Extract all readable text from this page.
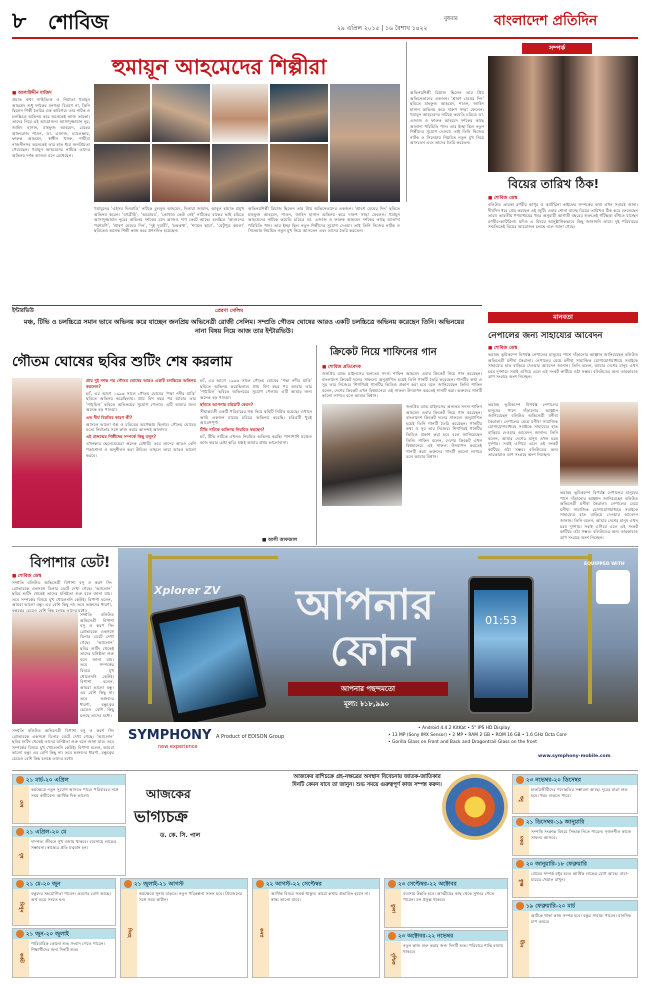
৮ শোবিজ	২৯ এপ্রিল ২০১৫ | ১৬ বৈশাখ ১৪২২
বুধবার	বাংলাদেশ প্রতিদিন
হুমায়ূন আহমেদের শিল্পীরা
■ আলাউদ্দীন মাজিদ
প্রয়াত কথা সাহিত্যিক ও নির্মাতা হুমায়ূন আহমেদ শুধু দর্শকের মনগড়া চিত্রণে না, তিনি ছিলেন শিল্পী তৈরির এক কারিগর। তার নাটক ও চলচ্চিত্রে অভিনয় করে অনেকেই আজ তারকা। তাদের নিয়ে এই আয়োজন। আসাদুজ্জামান নূর, জাহিদ হাসান, মাহফুজ আহমেদ, মেহের আফরোজ শাওন, ডা. এজাজ, চ্যালেঞ্জার, ফারুক আহমেদ, স্বাধীন খসরু, শামীমা নাজনীনসহ অনেকেই তার হাত ধরে জনপ্রিয়তা পেয়েছেন। হুমায়ূন আহমেদের নাটকে তাদের অভিনয় দর্শক আজও মনে রেখেছেন।
হুমায়ূনের ‘এইসব দিনরাত্রি’ নাটকে বুলবুল আহমেদ, দিলারা জামান, আবুল হায়াত প্রমুখ অভিনয় করেন। ‘বহুব্রীহি’, ‘অয়োময়’, ‘কোথাও কেউ নেই’ নাটকের বাকের ভাই চরিত্রে আসাদুজ্জামান নূরের অভিনয় দর্শকের মনে আজও দাগ কেটে আছে। চলচ্চিত্র ‘আগুনের পরশমণি’, ‘শ্রাবণ মেঘের দিন’, ‘দুই দুয়ারী’, ‘চন্দ্রকথা’, ‘শ্যামল ছায়া’, ‘ঘেটুপুত্র কমলা’ ছবিতেও অনেক শিল্পী কাজ করে প্রশংসিত হয়েছেন।
অভিনয়শিল্পী রিয়াজ ছিলেন তার প্রিয় অভিনেতাদের একজন। ‘শ্রাবণ মেঘের দিন’ ছবিতে মাহফুজ আহমেদ, শাওন, জাহিদ হাসান অভিনয় করে দারুণ সাড়া ফেলেন। হুমায়ূন আহমেদের নাটকে কমেডি চরিত্রে ডা. এজাজ ও ফারুক আহমেদ দর্শকের কাছে আলাদা পরিচিতি পান। তার ইচ্ছা ছিল নতুন শিল্পীদের সুযোগ দেওয়া। তাই তিনি নিজের নাটক ও সিনেমায় নিয়মিত নতুন মুখ নিয়ে আসতেন এবং তাদের তৈরি করতেন।
অভিনয়শিল্পী রিয়াজ ছিলেন তার প্রিয় অভিনেতাদের একজন। ‘শ্রাবণ মেঘের দিন’ ছবিতে মাহফুজ আহমেদ, শাওন, জাহিদ হাসান অভিনয় করে দারুণ সাড়া ফেলেন। হুমায়ূন আহমেদের নাটকে কমেডি চরিত্রে ডা. এজাজ ও ফারুক আহমেদ দর্শকের কাছে আলাদা পরিচিতি পান। তার ইচ্ছা ছিল নতুন শিল্পীদের সুযোগ দেওয়া। তাই তিনি নিজের নাটক ও সিনেমায় নিয়মিত নতুন মুখ নিয়ে আসতেন এবং তাদের তৈরি করতেন।
সম্পর্ক
বিয়ের তারিখ ঠিক!
■ শোবিজ ডেস্ক
বলিউড তারকা রণবীর কাপুর ও ক্যাটরিনা কাইফের সম্পর্কের কথা এখন সবারই জানা। দীর্ঘদিন ধরে প্রেম করছেন এই জুটি। এবার শোনা যাচ্ছে বিয়ের তারিখও ঠিক করে ফেলেছেন তারা। ভারতীয় গণমাধ্যমের খবর অনুযায়ী আগামী বছরের শুরুতেই গাঁটছড়া বাঁধতে যাচ্ছেন রণবীর-ক্যাটরিনা। যদিও এ বিষয়ে আনুষ্ঠানিকভাবে কিছু জানাননি তারা। দুই পরিবারের সম্মতিতেই বিয়ের আয়োজন চলছে বলে জানা গেছে।
ইন্টারভিউ	প্রেরণা সেলিম
মঞ্চ, টিভি ও চলচ্চিত্রে সমান ভাবে অভিনয় করে যাচ্ছেন জনপ্রিয় অভিনেত্রী রোজী সেলিম। সম্প্রতি গৌতম ঘোষের আরও একটি চলচ্চিত্রে অভিনয় করেছেন তিনি। অভিনয়ের নানা বিষয় নিয়ে আজ তার ইন্টারভিউ।
গৌতম ঘোষের ছবির শুটিং শেষ করলাম

প্রায় দুই দশক পর গৌতম ঘোষের আরও একটি চলচ্চিত্রে অভিনয় করলেন?

হ্যাঁ, এর আগে ১৯৯৬ সালে গৌতম ঘোষের ‘পদ্মা নদীর মাঝি’ ছবিতে অভিনয় করেছিলাম। প্রায় বিশ বছর পর আবার তার ‘শঙ্খচিল’ ছবিতে অভিনয়ের সুযোগ পেলাম। এটি আমার জন্য অনেক বড় পাওয়া।

এত দীর্ঘ বিরতির কারণ কী?

আসলে ভালো গল্প ও চরিত্রের অপেক্ষায় ছিলাম। গৌতম ঘোষের মতো নির্মাতার সঙ্গে কাজ করার আনন্দই আলাদা।

এই প্রজন্মের শিল্পীদের সম্পর্কে কিছু বলুন?

এখনকার ছেলেমেয়েরা অনেক মেধাবী। তবে তাদের আরও বেশি পড়াশোনা ও অনুশীলন করা উচিত। তাহলে তারা আরও ভালো করবে।

হ্যাঁ, এর আগে ১৯৯৬ সালে গৌতম ঘোষের ‘পদ্মা নদীর মাঝি’ ছবিতে অভিনয় করেছিলাম। প্রায় বিশ বছর পর আবার তার ‘শঙ্খচিল’ ছবিতে অভিনয়ের সুযোগ পেলাম। এটি আমার জন্য অনেক বড় পাওয়া।

ছবিতে আপনার চরিত্রটি কেমন?

সীমান্তবর্তী একটি পরিবারের গল্প নিয়ে ছবিটি নির্মিত হয়েছে। এখানে আমি একজন মায়ের চরিত্রে অভিনয় করেছি। চরিত্রটি খুবই আবেগপূর্ণ।

টিভি নাটকে অভিনয় নিয়মিত করছেন?

হ্যাঁ, টিভি নাটকে এখনও নিয়মিত অভিনয় করছি। পাশাপাশি মঞ্চেও কাজ করার চেষ্টা করি। মঞ্চই আমার প্রথম ভালোবাসা।

■ আলী আফজাল
ক্রিকেট নিয়ে শাফিনের গান
■ শোবিজ প্রতিবেদক
জনপ্রিয় ব্যান্ড মাইলসের অন্যতম সদস্য শাফিন আহমেদ এবার ক্রিকেট নিয়ে গান করেছেন। বাংলাদেশ ক্রিকেট দলের সাফল্যে অনুপ্রাণিত হয়েই তিনি গানটি তৈরি করেছেন। গানটির কথা ও সুর তার নিজের। শিগগিরই গানটির ভিডিও প্রকাশ করা হবে বলে জানিয়েছেন তিনি। শাফিন বলেন, দেশের ক্রিকেট এখন বিশ্বমানের। এই সাফল্য উদযাপন করতেই গানটি করা। ভক্তদের গানটি ভালো লাগবে বলে আমার বিশ্বাস।
জনপ্রিয় ব্যান্ড মাইলসের অন্যতম সদস্য শাফিন আহমেদ এবার ক্রিকেট নিয়ে গান করেছেন। বাংলাদেশ ক্রিকেট দলের সাফল্যে অনুপ্রাণিত হয়েই তিনি গানটি তৈরি করেছেন। গানটির কথা ও সুর তার নিজের। শিগগিরই গানটির ভিডিও প্রকাশ করা হবে বলে জানিয়েছেন তিনি। শাফিন বলেন, দেশের ক্রিকেট এখন বিশ্বমানের। এই সাফল্য উদযাপন করতেই গানটি করা। ভক্তদের গানটি ভালো লাগবে বলে আমার বিশ্বাস।
মানবতা
নেপালের জন্য সাহায্যের আবেদন
■ শোবিজ ডেস্ক
ভয়াবহ ভূমিকম্পে বিপর্যস্ত নেপালের মানুষের পাশে দাঁড়ানোর আহ্বান জানিয়েছেন বলিউড অভিনেত্রী মনীষা কৈরালা। নেপালের মেয়ে মনীষা সামাজিক যোগাযোগমাধ্যমে সবাইকে সাহায্যের হাত বাড়িয়ে দেওয়ার আবেদন জানান। তিনি বলেন, আমার দেশের মানুষ এখন চরম দুর্দশায়। সবাই এগিয়ে এলে এই সংকট কাটিয়ে ওঠা সম্ভব। বলিউডের অন্য তারকারাও ত্রাণ সংগ্রহে অংশ নিচ্ছেন।
ভয়াবহ ভূমিকম্পে বিপর্যস্ত নেপালের মানুষের পাশে দাঁড়ানোর আহ্বান জানিয়েছেন বলিউড অভিনেত্রী মনীষা কৈরালা। নেপালের মেয়ে মনীষা সামাজিক যোগাযোগমাধ্যমে সবাইকে সাহায্যের হাত বাড়িয়ে দেওয়ার আবেদন জানান। তিনি বলেন, আমার দেশের মানুষ এখন চরম দুর্দশায়। সবাই এগিয়ে এলে এই সংকট কাটিয়ে ওঠা সম্ভব। বলিউডের অন্য তারকারাও ত্রাণ সংগ্রহে অংশ নিচ্ছেন।
ভয়াবহ ভূমিকম্পে বিপর্যস্ত নেপালের মানুষের পাশে দাঁড়ানোর আহ্বান জানিয়েছেন বলিউড অভিনেত্রী মনীষা কৈরালা। নেপালের মেয়ে মনীষা সামাজিক যোগাযোগমাধ্যমে সবাইকে সাহায্যের হাত বাড়িয়ে দেওয়ার আবেদন জানান। তিনি বলেন, আমার দেশের মানুষ এখন চরম দুর্দশায়। সবাই এগিয়ে এলে এই সংকট কাটিয়ে ওঠা সম্ভব। বলিউডের অন্য তারকারাও ত্রাণ সংগ্রহে অংশ নিচ্ছেন।
বিপাশার ডেট!
■ শোবিজ ডেস্ক
সম্প্রতি বলিউড অভিনেত্রী বিপাশা বসু ও করণ সিং গ্রোভারকে একসঙ্গে ডিনার ডেটে দেখা গেছে। ‘অ্যালোন’ ছবির শুটিং থেকেই তাদের ঘনিষ্ঠতা শুরু বলে জানা যায়। তবে সম্পর্কের বিষয়ে মুখ খোলেননি কেউই। বিপাশা বলেন, আমরা ভালো বন্ধু। এর বেশি কিছু না। তবে ভক্তদের ধারণা, বন্ধুত্বের চেয়েও বেশি কিছু চলছে তাদের মধ্যে।
সম্প্রতি বলিউড অভিনেত্রী বিপাশা বসু ও করণ সিং গ্রোভারকে একসঙ্গে ডিনার ডেটে দেখা গেছে। ‘অ্যালোন’ ছবির শুটিং থেকেই তাদের ঘনিষ্ঠতা শুরু বলে জানা যায়। তবে সম্পর্কের বিষয়ে মুখ খোলেননি কেউই। বিপাশা বলেন, আমরা ভালো বন্ধু। এর বেশি কিছু না। তবে ভক্তদের ধারণা, বন্ধুত্বের চেয়েও বেশি কিছু চলছে তাদের মধ্যে।
সম্প্রতি বলিউড অভিনেত্রী বিপাশা বসু ও করণ সিং গ্রোভারকে একসঙ্গে ডিনার ডেটে দেখা গেছে। ‘অ্যালোন’ ছবির শুটিং থেকেই তাদের ঘনিষ্ঠতা শুরু বলে জানা যায়। তবে সম্পর্কের বিষয়ে মুখ খোলেননি কেউই। বিপাশা বলেন, আমরা ভালো বন্ধু। এর বেশি কিছু না। তবে ভক্তদের ধারণা, বন্ধুত্বের চেয়েও বেশি কিছু চলছে তাদের মধ্যে।
Xplorer ZV আপনার
ফোন
আপনার পছন্দমতো
মূল্য: ৳১৮,৯৯০
01:53
EQUIPPED WITH
SYMPHONY
new experience
A Product of EDISON Group
• Android 4.4.2 KitKat • 5" IPS HD Display
• 13 MP (Sony IMX Sensor) • 2 MP • RAM 2 GB • ROM 16 GB • 1.6 GHz Octa Core
• Gorilla Glass on Front and Back and Dragontrail Glass on the front
www.symphony-mobile.com
২১ মার্চ-২০ এপ্রিল
মেষ
কর্মক্ষেত্রে নতুন সুযোগ আসতে পারে। পরিবারের সঙ্গে সময় কাটাবেন। আর্থিক দিক ভালো।
২১ এপ্রিল-২০ মে
বৃষ
দাম্পত্য জীবনে সুখ বজায় থাকবে। ব্যবসায়ে লাভের সম্ভাবনা। স্বাস্থ্যের প্রতি যত্নবান হন।
আজকের
ভাগ্যচক্র
ড. কে. সি. পাল
আজকের রাশিচক্রে গ্রহ-নক্ষত্রের অবস্থান বিবেচনায় জাতক-জাতিকার দিনটি কেমন যাবে তা জানুন। শুভ সময়ে গুরুত্বপূর্ণ কাজ সম্পন্ন করুন।
২৩ নভেম্বর-২০ ডিসেম্বর
ধনু
চাকরিজীবীদের পদোন্নতির সম্ভাবনা আছে। দূরের যাত্রা শুভ হবে। খরচ বাড়তে পারে।
২১ ডিসেম্বর-১৯ জানুয়ারি
মকর
সম্পত্তি সংক্রান্ত বিষয়ে সিদ্ধান্ত নিতে পারেন। সৃজনশীল কাজে সাফল্য আসবে।
২০ জানুয়ারি-১৮ ফেব্রুয়ারি
কুম্ভ
প্রেমের সম্পর্ক মধুর হবে। আর্থিক লাভের যোগ আছে। বাবা-মায়ের খেয়াল রাখুন।
২১ মে-২০ জুন
মিথুন
বন্ধুদের সহযোগিতা পাবেন। ভ্রমণের যোগ আছে। অর্থ ব্যয়ে সংযত হন।
২১ জুন-২০ জুলাই
কর্কট
পারিবারিক কোনো শুভ সংবাদ পেতে পারেন। শিক্ষার্থীদের জন্য দিনটি শুভ।
২১ জুলাই-২১ আগস্ট
সিংহ
কর্মক্ষেত্রে সুনাম বাড়বে। নতুন পরিকল্পনা সফল হবে। প্রিয়জনের সঙ্গে সময় কাটান।
২২ আগস্ট-২২ সেপ্টেম্বর
কন্যা
আর্থিক বিষয়ে সতর্ক থাকুন। কারো কথায় প্রভাবিত হবেন না। স্বাস্থ্য ভালো যাবে।
২৩ সেপ্টেম্বর-২২ অক্টোবর
তুলা
ব্যবসায় উন্নতি হবে। আত্মীয়ের কাছ থেকে সুখবর পেতে পারেন। মন প্রফুল্ল থাকবে।
২৩ অক্টোবর-২২ নভেম্বর
বৃশ্চিক
নতুন কাজ শুরু করার জন্য দিনটি শুভ। পরিবারে শান্তি বজায় থাকবে।
১৯ ফেব্রুয়ারি-২০ মার্চ
মীন
আটকে থাকা কাজ সম্পন্ন হবে। বন্ধুর সাহায্য পাবেন। মানসিক চাপ কমবে।
